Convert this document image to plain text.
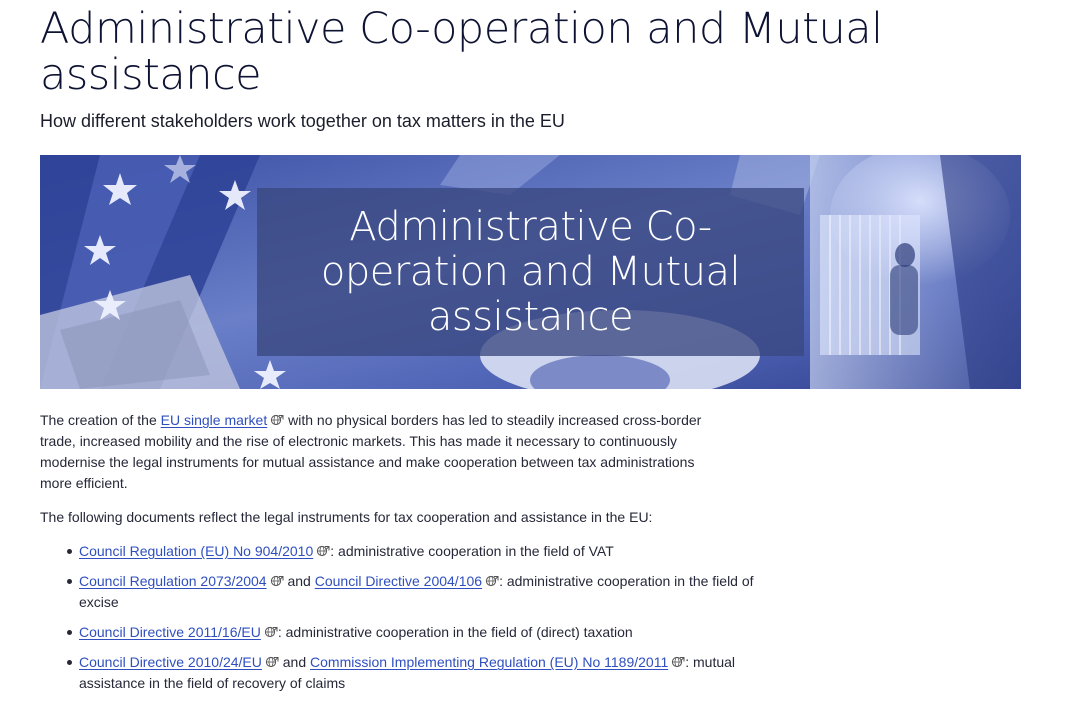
Administrative Co-operation and Mutual assistance

How different stakeholders work together on tax matters in the EU

Administrative Co-operation and Mutual assistance

The creation of the EU single market with no physical borders has led to steadily increased cross-border trade, increased mobility and the rise of electronic markets. This has made it necessary to continuously modernise the legal instruments for mutual assistance and make cooperation between tax administrations more efficient.

The following documents reflect the legal instruments for tax cooperation and assistance in the EU:

Council Regulation (EU) No 904/2010 : administrative cooperation in the field of VAT
Council Regulation 2073/2004 and Council Directive 2004/106 : administrative cooperation in the field of excise
Council Directive 2011/16/EU : administrative cooperation in the field of (direct) taxation
Council Directive 2010/24/EU and Commission Implementing Regulation (EU) No 1189/2011 : mutual assistance in the field of recovery of claims
